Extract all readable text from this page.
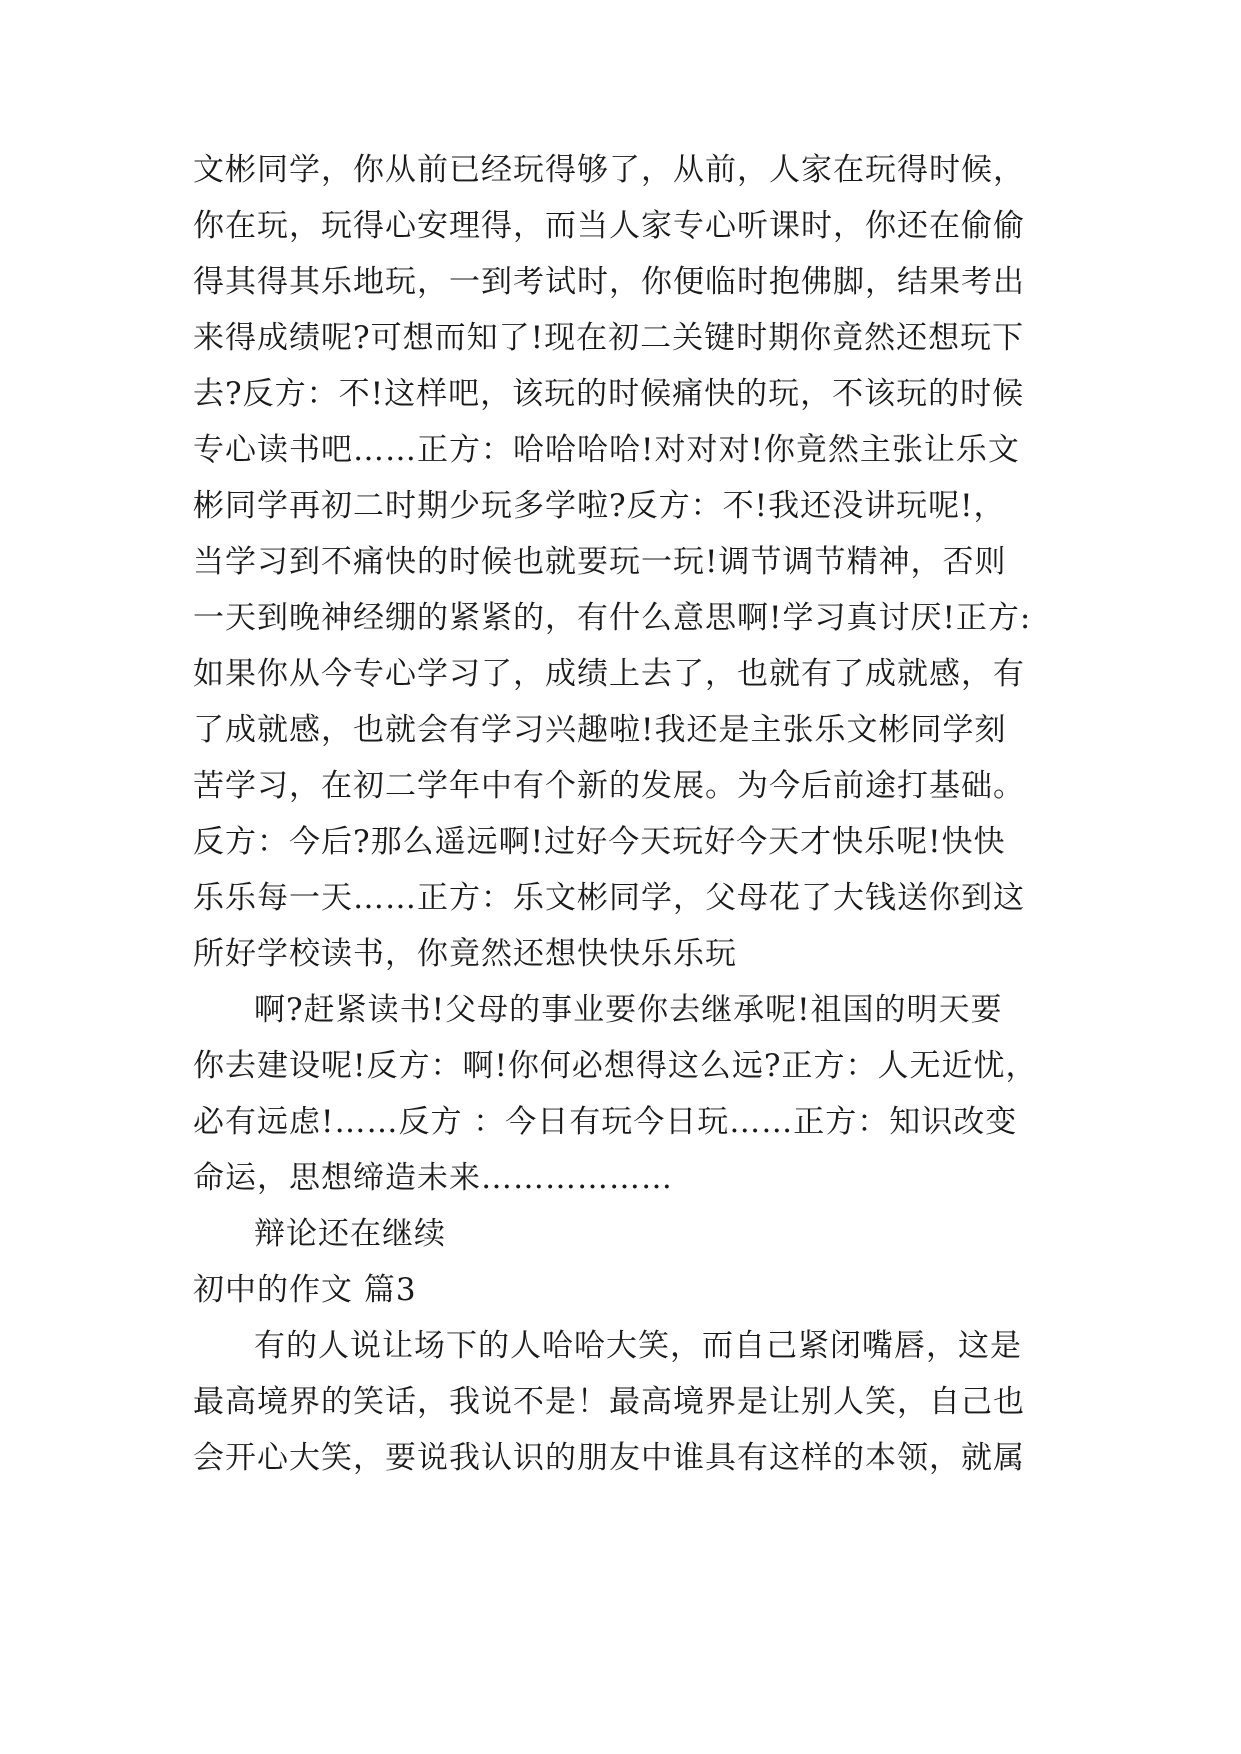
文彬同学，你从前已经玩得够了，从前，人家在玩得时候，
你在玩，玩得心安理得，而当人家专心听课时，你还在偷偷
得其得其乐地玩，一到考试时，你便临时抱佛脚，结果考出
来得成绩呢?可想而知了!现在初二关键时期你竟然还想玩下
去?反方：不!这样吧，该玩的时候痛快的玩，不该玩的时候
专心读书吧……正方：哈哈哈哈!对对对!你竟然主张让乐文
彬同学再初二时期少玩多学啦?反方：不!我还没讲玩呢!，
当学习到不痛快的时候也就要玩一玩!调节调节精神，否则
一天到晚神经绷的紧紧的，有什么意思啊!学习真讨厌!正方:
如果你从今专心学习了，成绩上去了，也就有了成就感，有
了成就感，也就会有学习兴趣啦!我还是主张乐文彬同学刻
苦学习，在初二学年中有个新的发展。为今后前途打基础。
反方：今后?那么遥远啊!过好今天玩好今天才快乐呢!快快
乐乐每一天……正方：乐文彬同学，父母花了大钱送你到这
所好学校读书，你竟然还想快快乐乐玩
啊?赶紧读书!父母的事业要你去继承呢!祖国的明天要
你去建设呢!反方：啊!你何必想得这么远?正方：人无近忧，
必有远虑!……反方 ：今日有玩今日玩……正方：知识改变
命运，思想缔造未来………………
辩论还在继续
初中的作文 篇3
有的人说让场下的人哈哈大笑，而自己紧闭嘴唇，这是
最高境界的笑话，我说不是！最高境界是让别人笑，自己也
会开心大笑，要说我认识的朋友中谁具有这样的本领，就属
